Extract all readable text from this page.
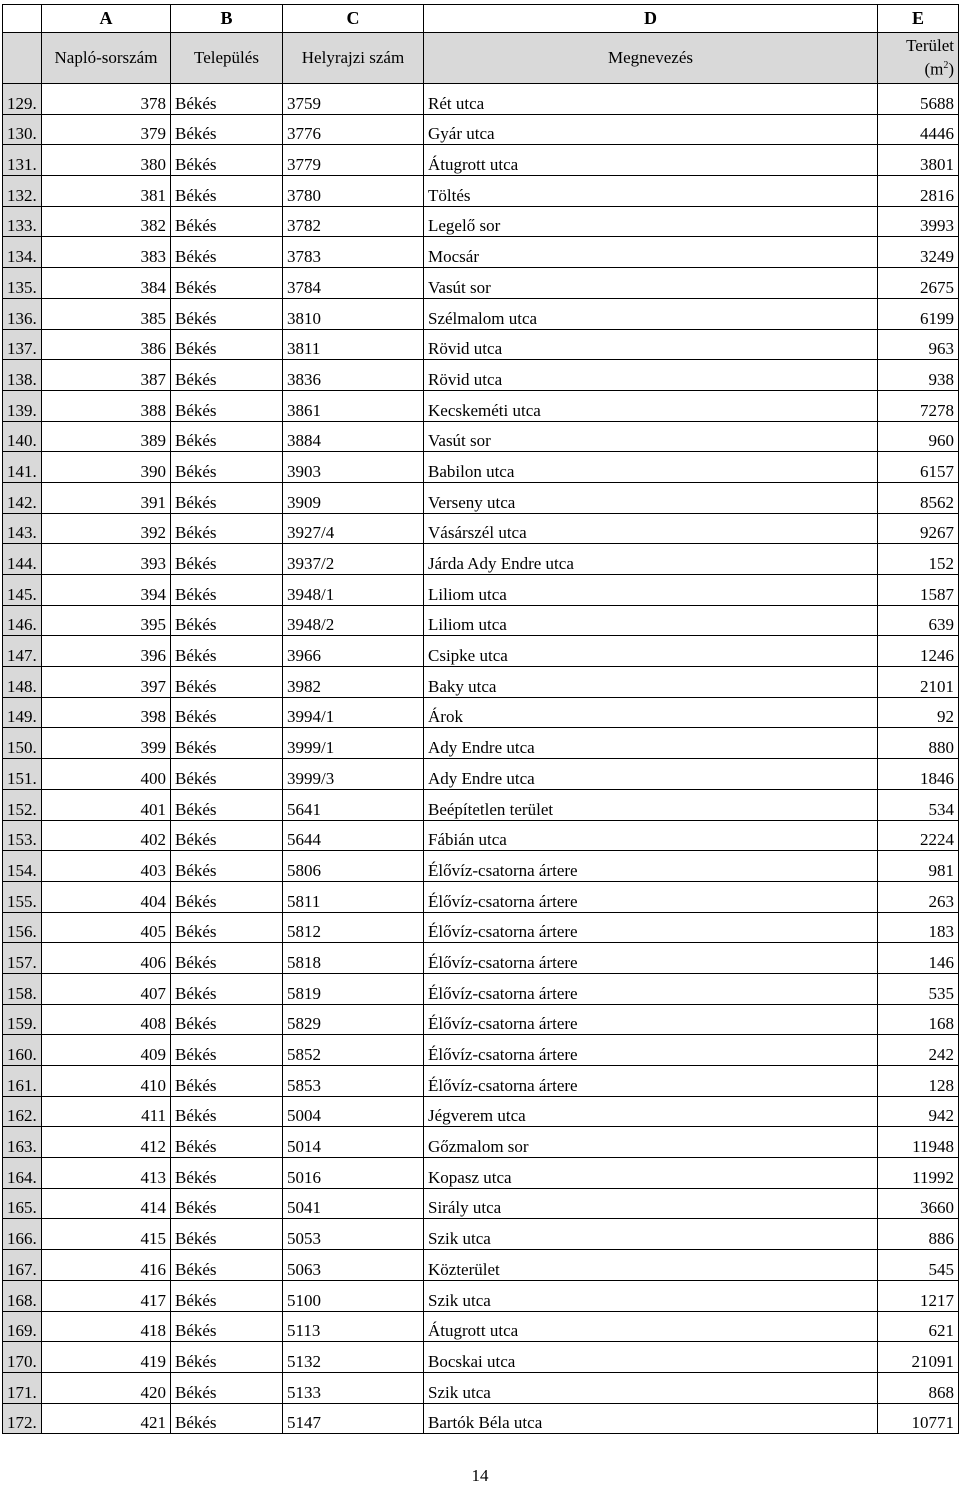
	A	B	C	D	E
	Napló-sorszám	Település	Helyrajzi szám	Megnevezés	Terület $(m^2)$
129.	378	Békés	3759	Rét utca	5688
130.	379	Békés	3776	Gyár utca	4446
131.	380	Békés	3779	Átugrott utca	3801
132.	381	Békés	3780	Töltés	2816
133.	382	Békés	3782	Legelő sor	3993
134.	383	Békés	3783	Mocsár	3249
135.	384	Békés	3784	Vasút sor	2675
136.	385	Békés	3810	Szélmalom utca	6199
137.	386	Békés	3811	Rövid utca	963
138.	387	Békés	3836	Rövid utca	938
139.	388	Békés	3861	Kecskeméti utca	7278
140.	389	Békés	3884	Vasút sor	960
141.	390	Békés	3903	Babilon utca	6157
142.	391	Békés	3909	Verseny utca	8562
143.	392	Békés	3927/4	Vásárszél utca	9267
144.	393	Békés	3937/2	Járda Ady Endre utca	152
145.	394	Békés	3948/1	Liliom utca	1587
146.	395	Békés	3948/2	Liliom utca	639
147.	396	Békés	3966	Csipke utca	1246
148.	397	Békés	3982	Baky utca	2101
149.	398	Békés	3994/1	Árok	92
150.	399	Békés	3999/1	Ady Endre utca	880
151.	400	Békés	3999/3	Ady Endre utca	1846
152.	401	Békés	5641	Beépítetlen terület	534
153.	402	Békés	5644	Fábián utca	2224
154.	403	Békés	5806	Élővíz-csatorna ártere	981
155.	404	Békés	5811	Élővíz-csatorna ártere	263
156.	405	Békés	5812	Élővíz-csatorna ártere	183
157.	406	Békés	5818	Élővíz-csatorna ártere	146
158.	407	Békés	5819	Élővíz-csatorna ártere	535
159.	408	Békés	5829	Élővíz-csatorna ártere	168
160.	409	Békés	5852	Élővíz-csatorna ártere	242
161.	410	Békés	5853	Élővíz-csatorna ártere	128
162.	411	Békés	5004	Jégverem utca	942
163.	412	Békés	5014	Gőzmalom sor	11948
164.	413	Békés	5016	Kopasz utca	11992
165.	414	Békés	5041	Sirály utca	3660
166.	415	Békés	5053	Szik utca	886
167.	416	Békés	5063	Közterület	545
168.	417	Békés	5100	Szik utca	1217
169.	418	Békés	5113	Átugrott utca	621
170.	419	Békés	5132	Bocskai utca	21091
171.	420	Békés	5133	Szik utca	868
172.	421	Békés	5147	Bartók Béla utca	10771
14
